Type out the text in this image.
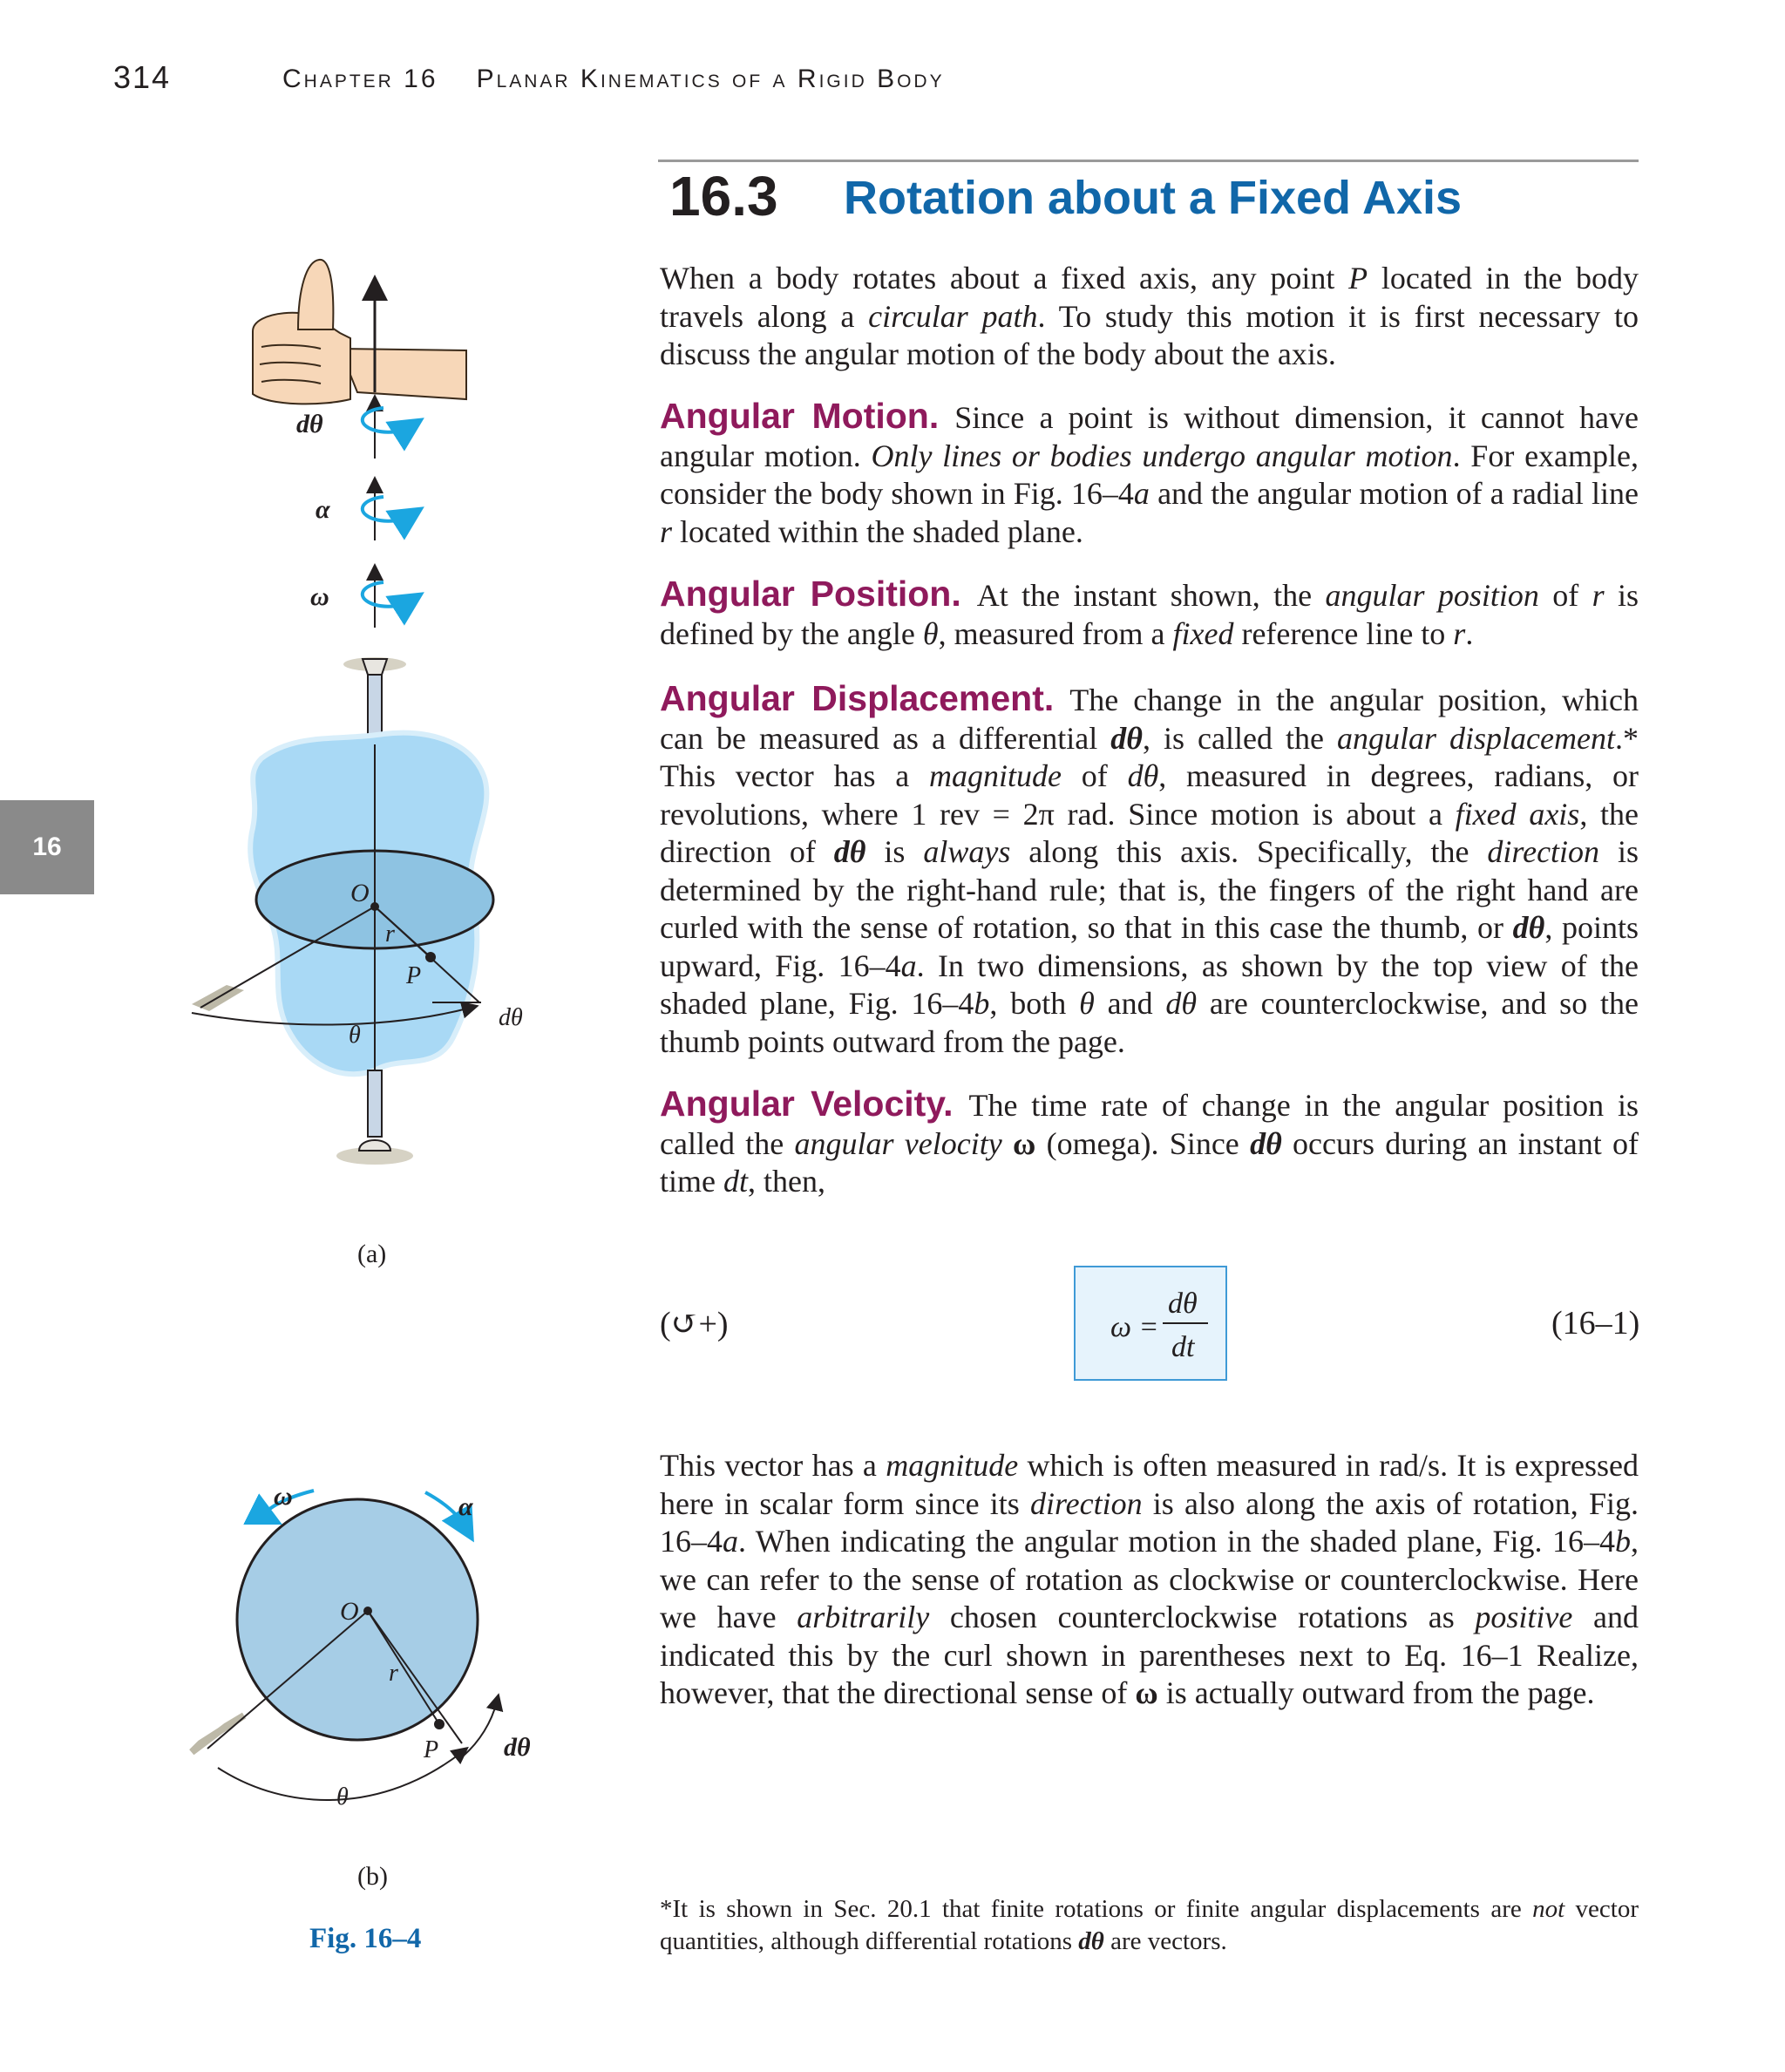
314	Chapter 16 Planar Kinematics of a Rigid Body
16
16.3 Rotation about a Fixed Axis

When a body rotates about a fixed axis, any point P located in the body travels along a circular path. To study this motion it is first necessary to discuss the angular motion of the body about the axis.

Angular Motion. Since a point is without dimension, it cannot have angular motion. Only lines or bodies undergo angular motion. For example, consider the body shown in Fig. 16–4a and the angular motion of a radial line r located within the shaded plane.

Angular Position. At the instant shown, the angular position of r is defined by the angle θ, measured from a fixed reference line to r.

Angular Displacement. The change in the angular position, which can be measured as a differential dθ, is called the angular displacement.* This vector has a magnitude of dθ, measured in degrees, radians, or revolutions, where 1 rev = 2π rad. Since motion is about a fixed axis, the direction of dθ is always along this axis. Specifically, the direction is determined by the right-hand rule; that is, the fingers of the right hand are curled with the sense of rotation, so that in this case the thumb, or dθ, points upward, Fig. 16–4a. In two dimensions, as shown by the top view of the shaded plane, Fig. 16–4b, both θ and dθ are counterclockwise, and so the thumb points outward from the page.

Angular Velocity. The time rate of change in the angular position is called the angular velocity ω (omega). Since dθ occurs during an instant of time dt, then,

(↺+)	ω =
dθ
dt
(16–1)

This vector has a magnitude which is often measured in rad/s. It is expressed here in scalar form since its direction is also along the axis of rotation, Fig. 16–4a. When indicating the angular motion in the shaded plane, Fig. 16–4b, we can refer to the sense of rotation as clockwise or counterclockwise. Here we have arbitrarily chosen counterclockwise rotations as positive and indicated this by the curl shown in parentheses next to Eq. 16–1 Realize, however, that the directional sense of ω is actually outward from the page.

*It is shown in Sec. 20.1 that finite rotations or finite angular displacements are not vector quantities, although differential rotations dθ are vectors.

dθ
α
ω
O
r
P
θ
dθ
(a)
ω	α
O
r
P
θ
dθ
(b)
Fig. 16–4
